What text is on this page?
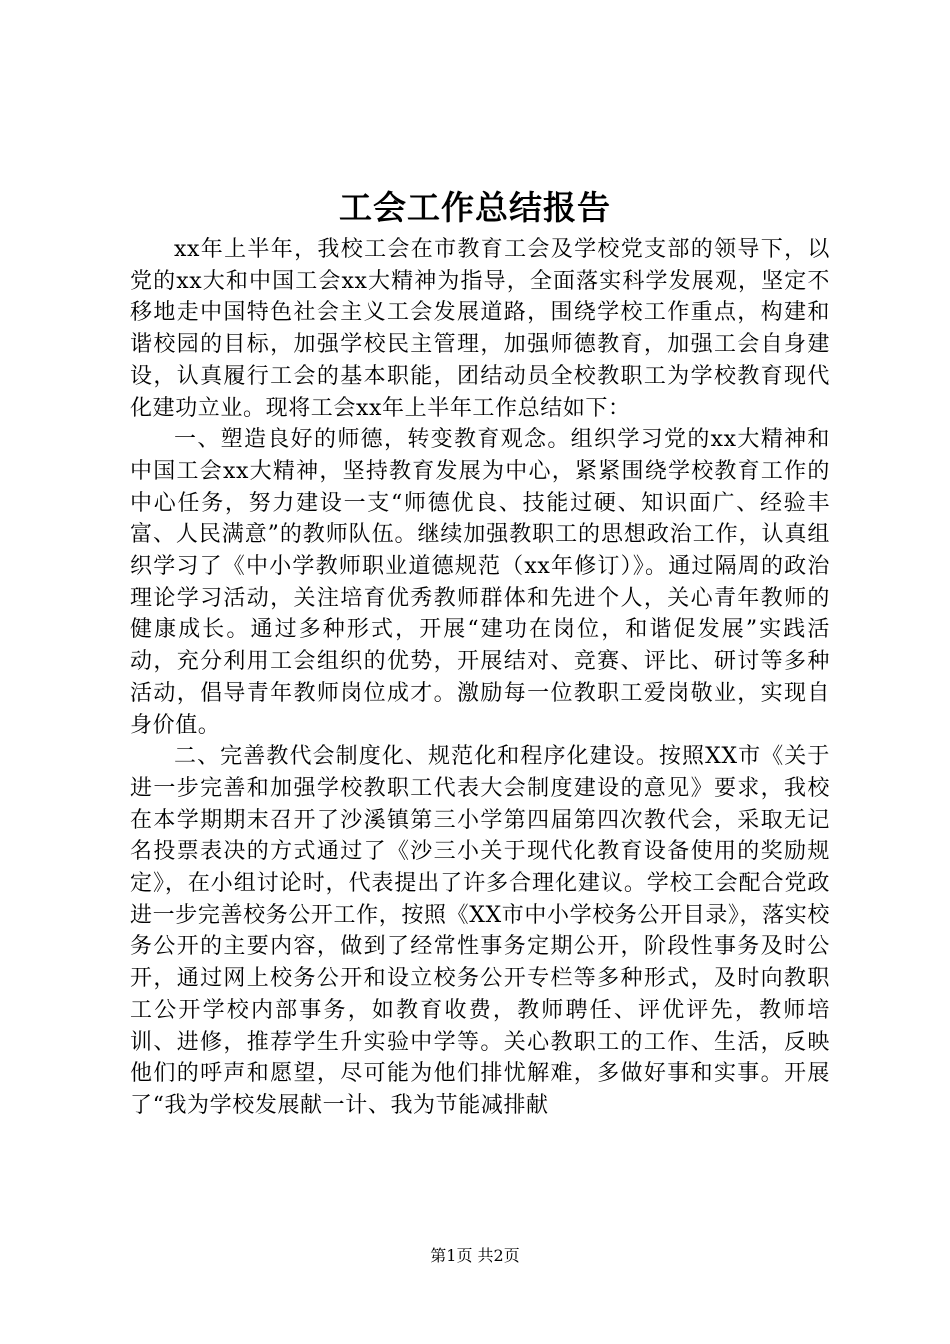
工会工作总结报告

xx年上半年，我校工会在市教育工会及学校党支部的领导下，以党的xx大和中国工会xx大精神为指导，全面落实科学发展观，坚定不移地走中国特色社会主义工会发展道路，围绕学校工作重点，构建和谐校园的目标，加强学校民主管理，加强师德教育，加强工会自身建设，认真履行工会的基本职能，团结动员全校教职工为学校教育现代化建功立业。现将工会xx年上半年工作总结如下：

一、塑造良好的师德，转变教育观念。组织学习党的xx大精神和中国工会xx大精神，坚持教育发展为中心，紧紧围绕学校教育工作的中心任务，努力建设一支“师德优良、技能过硬、知识面广、经验丰富、人民满意”的教师队伍。继续加强教职工的思想政治工作，认真组织学习了《中小学教师职业道德规范（xx年修订）》。通过隔周的政治理论学习活动，关注培育优秀教师群体和先进个人，关心青年教师的健康成长。通过多种形式，开展“建功在岗位，和谐促发展”实践活动，充分利用工会组织的优势，开展结对、竞赛、评比、研讨等多种活动，倡导青年教师岗位成才。激励每一位教职工爱岗敬业，实现自身价值。

二、完善教代会制度化、规范化和程序化建设。按照XX市《关于进一步完善和加强学校教职工代表大会制度建设的意见》要求，我校在本学期期末召开了沙溪镇第三小学第四届第四次教代会，采取无记名投票表决的方式通过了《沙三小关于现代化教育设备使用的奖励规定》，在小组讨论时，代表提出了许多合理化建议。学校工会配合党政进一步完善校务公开工作，按照《XX市中小学校务公开目录》，落实校务公开的主要内容，做到了经常性事务定期公开，阶段性事务及时公开，通过网上校务公开和设立校务公开专栏等多种形式，及时向教职工公开学校内部事务，如教育收费，教师聘任、评优评先，教师培训、进修，推荐学生升实验中学等。关心教职工的工作、生活，反映他们的呼声和愿望，尽可能为他们排忧解难，多做好事和实事。开展了“我为学校发展献一计、我为节能减排献

第1页 共2页
